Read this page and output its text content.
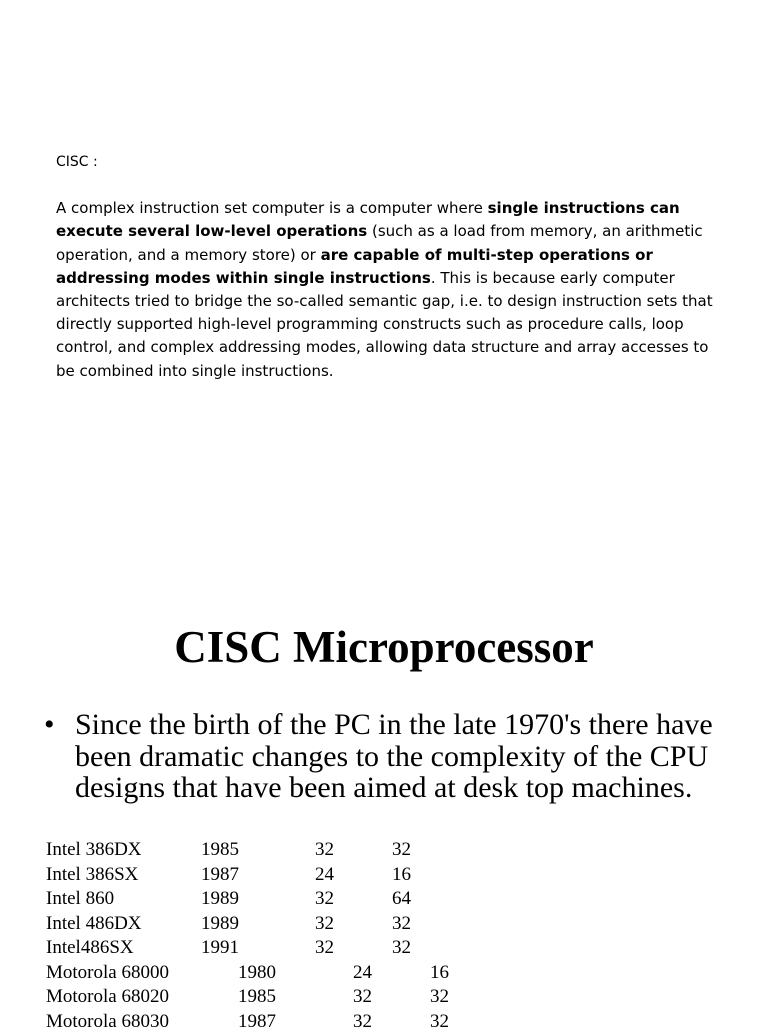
CISC :

A complex instruction set computer is a computer where single instructions can execute several low-level operations (such as a load from memory, an arithmetic operation, and a memory store) or are capable of multi-step operations or addressing modes within single instructions. This is because early computer architects tried to bridge the so-called semantic gap, i.e. to design instruction sets that directly supported high-level programming constructs such as procedure calls, loop control, and complex addressing modes, allowing data structure and array accesses to be combined into single instructions.

CISC Microprocessor
• Since the birth of the PC in the late 1970's there have been dramatic changes to the complexity of the CPU designs that have been aimed at desk top machines.
Intel 386DX	1985	32	32
Intel 386SX	1987	24	16
Intel 860	1989	32	64
Intel 486DX	1989	32	32
Intel486SX	1991	32	32
Motorola 68000	1980	24	16
Motorola 68020	1985	32	32
Motorola 68030	1987	32	32
